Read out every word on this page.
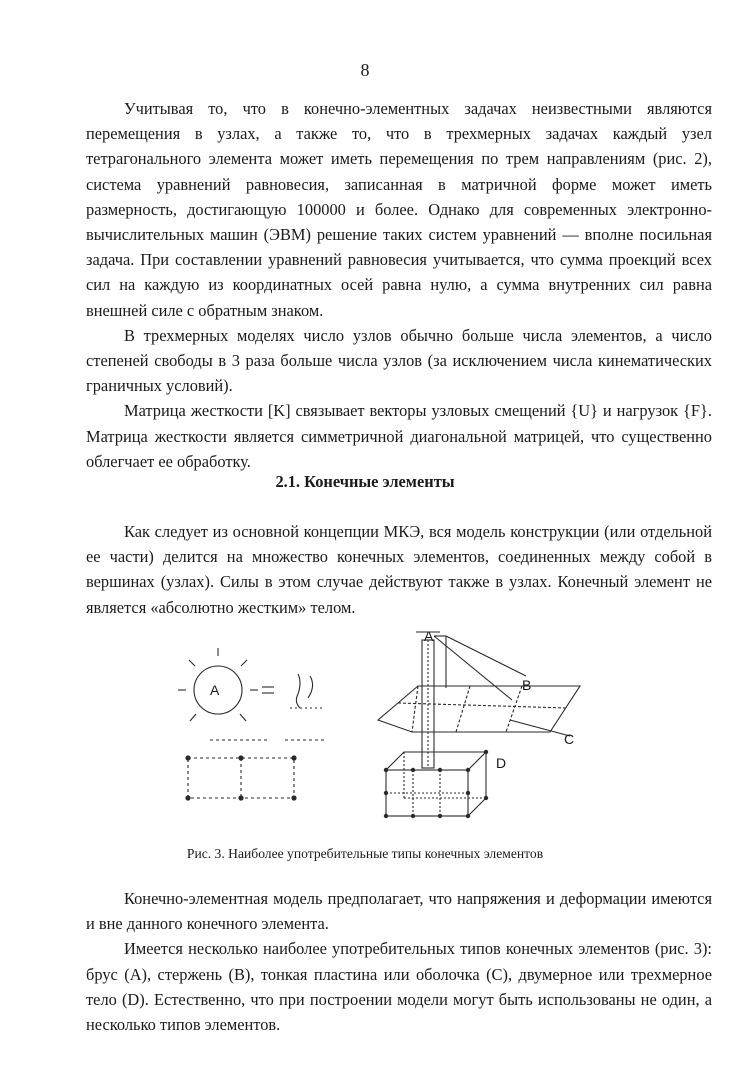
8

Учитывая то, что в конечно-элементных задачах неизвестными являются перемещения в узлах, а также то, что в трехмерных задачах каждый узел тетрагонального элемента может иметь перемещения по трем направлениям (рис. 2), система уравнений равновесия, записанная в матричной форме может иметь размерность, достигающую 100000 и более. Однако для современных электронно-вычислительных машин (ЭВМ) решение таких систем уравнений — вполне посильная задача. При составлении уравнений равновесия учитывается, что сумма проекций всех сил на каждую из координатных осей равна нулю, а сумма внутренних сил равна внешней силе с обратным знаком.

В трехмерных моделях число узлов обычно больше числа элементов, а число степеней свободы в 3 раза больше числа узлов (за исключением числа кинематических граничных условий).

Матрица жесткости [K] связывает векторы узловых смещений {U} и нагрузок {F}. Матрица жесткости является симметричной диагональной матрицей, что существенно облегчает ее обработку.

2.1. Конечные элементы

Как следует из основной концепции МКЭ, вся модель конструкции (или отдельной ее части) делится на множество конечных элементов, соединенных между собой в вершинах (узлах). Силы в этом случае действуют также в узлах. Конечный элемент не является «абсолютно жестким» телом.

A
A
B
C
D
Рис. 3. Наиболее употребительные типы конечных элементов

Конечно-элементная модель предполагает, что напряжения и деформации имеются и вне данного конечного элемента.

Имеется несколько наиболее употребительных типов конечных элементов (рис. 3): брус (A), стержень (B), тонкая пластина или оболочка (C), двумерное или трехмерное тело (D). Естественно, что при построении модели могут быть использованы не один, а несколько типов элементов.
